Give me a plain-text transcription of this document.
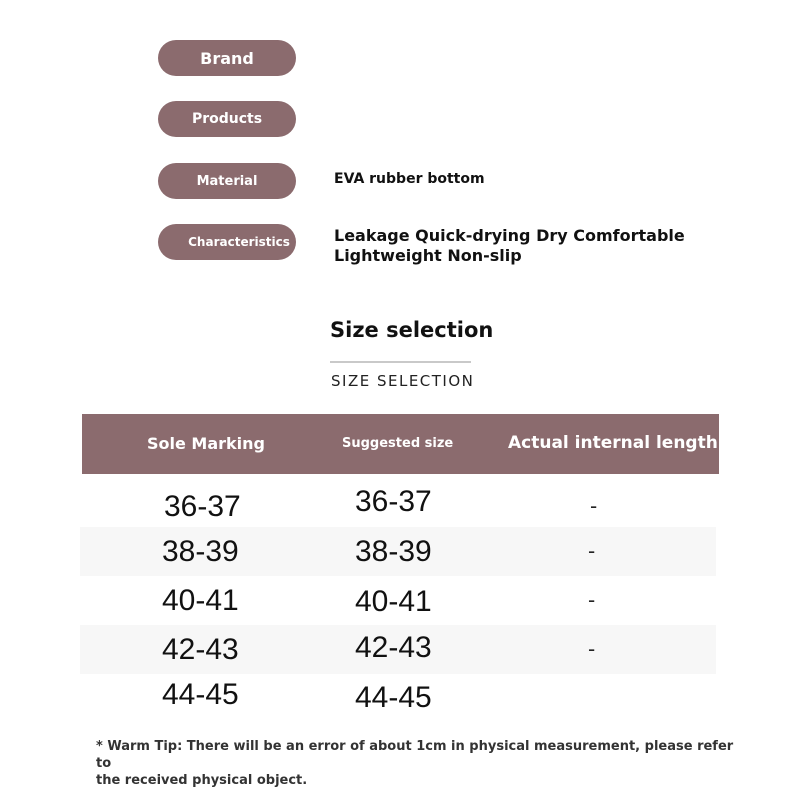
Brand
Products
Material	EVA rubber bottom
Characteristics	Leakage Quick-drying Dry Comfortable
Lightweight Non-slip
Size selection
SIZE SELECTION
Sole Marking	Suggested size	Actual internal length
36-37	36-37	-
38-39	38-39	-
40-41	40-41	-
42-43	42-43	-
44-45	44-45
* Warm Tip: There will be an error of about 1cm in physical measurement, please refer to
the received physical object.
